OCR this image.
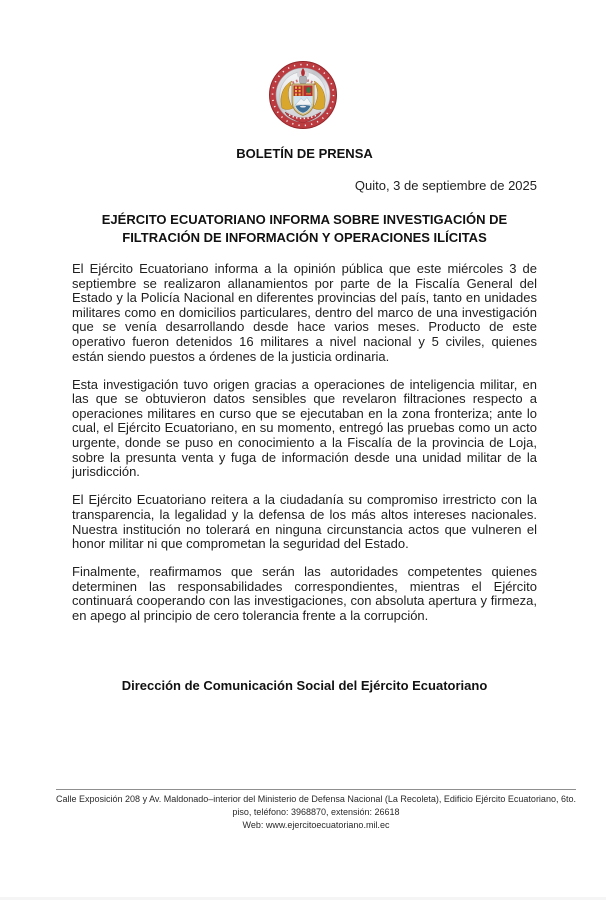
BOLETÍN DE PRENSA
Quito, 3 de septiembre de 2025
EJÉRCITO ECUATORIANO INFORMA SOBRE INVESTIGACIÓN DE
FILTRACIÓN DE INFORMACIÓN Y OPERACIONES ILÍCITAS

El Ejército Ecuatoriano informa a la opinión pública que este miércoles 3 de septiembre se realizaron allanamientos por parte de la Fiscalía General del Estado y la Policía Nacional en diferentes provincias del país, tanto en unidades militares como en domicilios particulares, dentro del marco de una investigación que se venía desarrollando desde hace varios meses. Producto de este operativo fueron detenidos 16 militares a nivel nacional y 5 civiles, quienes están siendo puestos a órdenes de la justicia ordinaria.

Esta investigación tuvo origen gracias a operaciones de inteligencia militar, en las que se obtuvieron datos sensibles que revelaron filtraciones respecto a operaciones militares en curso que se ejecutaban en la zona fronteriza; ante lo cual, el Ejército Ecuatoriano, en su momento, entregó las pruebas como un acto urgente, donde se puso en conocimiento a la Fiscalía de la provincia de Loja, sobre la presunta venta y fuga de información desde una unidad militar de la jurisdicción.

El Ejército Ecuatoriano reitera a la ciudadanía su compromiso irrestricto con la transparencia, la legalidad y la defensa de los más altos intereses nacionales. Nuestra institución no tolerará en ninguna circunstancia actos que vulneren el honor militar ni que comprometan la seguridad del Estado.

Finalmente, reafirmamos que serán las autoridades competentes quienes determinen las responsabilidades correspondientes, mientras el Ejército continuará cooperando con las investigaciones, con absoluta apertura y firmeza, en apego al principio de cero tolerancia frente a la corrupción.

Dirección de Comunicación Social del Ejército Ecuatoriano
Calle Exposición 208 y Av. Maldonado–interior del Ministerio de Defensa Nacional (La Recoleta), Edificio Ejército Ecuatoriano, 6to.
piso, teléfono: 3968870, extensión: 26618
Web: www.ejercitoecuatoriano.mil.ec
